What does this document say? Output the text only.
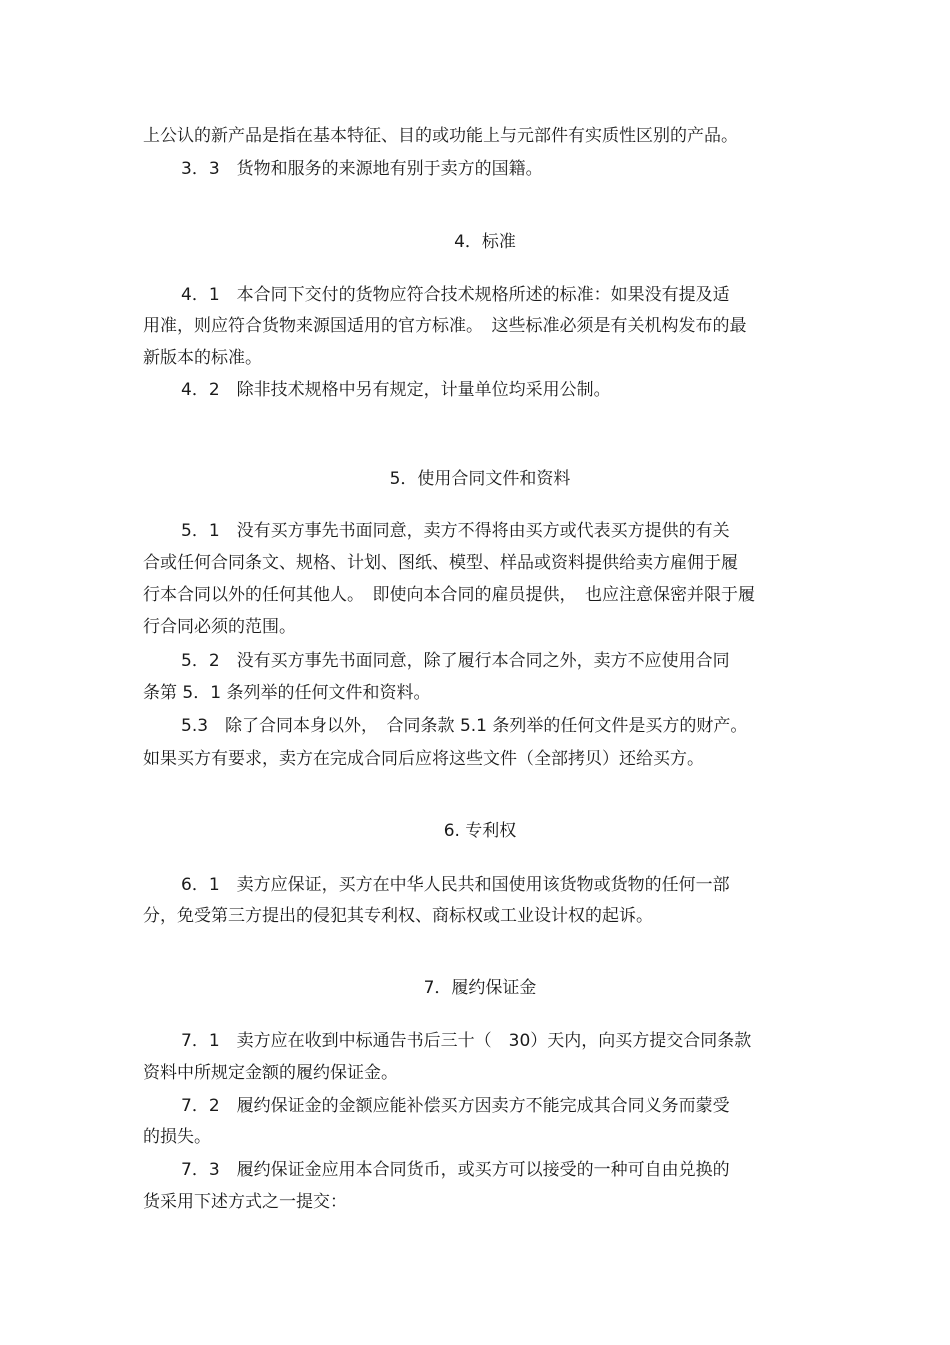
上公认的新产品是指在基本特征、目的或功能上与元部件有实质性区别的产品。
3．3　货物和服务的来源地有别于卖方的国籍。
4．标准
4．1　本合同下交付的货物应符合技术规格所述的标准：如果没有提及适
用准，则应符合货物来源国适用的官方标准。　这些标准必须是有关机构发布的最
新版本的标准。
4．2　除非技术规格中另有规定，计量单位均采用公制。
5．使用合同文件和资料
5．1　没有买方事先书面同意，卖方不得将由买方或代表买方提供的有关
合或任何合同条文、规格、计划、图纸、模型、样品或资料提供给卖方雇佣于履
行本合同以外的任何其他人。　即使向本合同的雇员提供，　也应注意保密并限于履
行合同必须的范围。
5．2　没有买方事先书面同意，除了履行本合同之外，卖方不应使用合同
条第 5．1 条列举的任何文件和资料。
5.3　除了合同本身以外，　合同条款 5.1 条列举的任何文件是买方的财产。
如果买方有要求，卖方在完成合同后应将这些文件（全部拷贝）还给买方。
6. 专利权
6．1　卖方应保证，买方在中华人民共和国使用该货物或货物的任何一部
分，免受第三方提出的侵犯其专利权、商标权或工业设计权的起诉。
7．履约保证金
7．1　卖方应在收到中标通告书后三十（　30）天内，向买方提交合同条款
资料中所规定金额的履约保证金。
7．2　履约保证金的金额应能补偿买方因卖方不能完成其合同义务而蒙受
的损失。
7．3　履约保证金应用本合同货币，或买方可以接受的一种可自由兑换的
货采用下述方式之一提交：
